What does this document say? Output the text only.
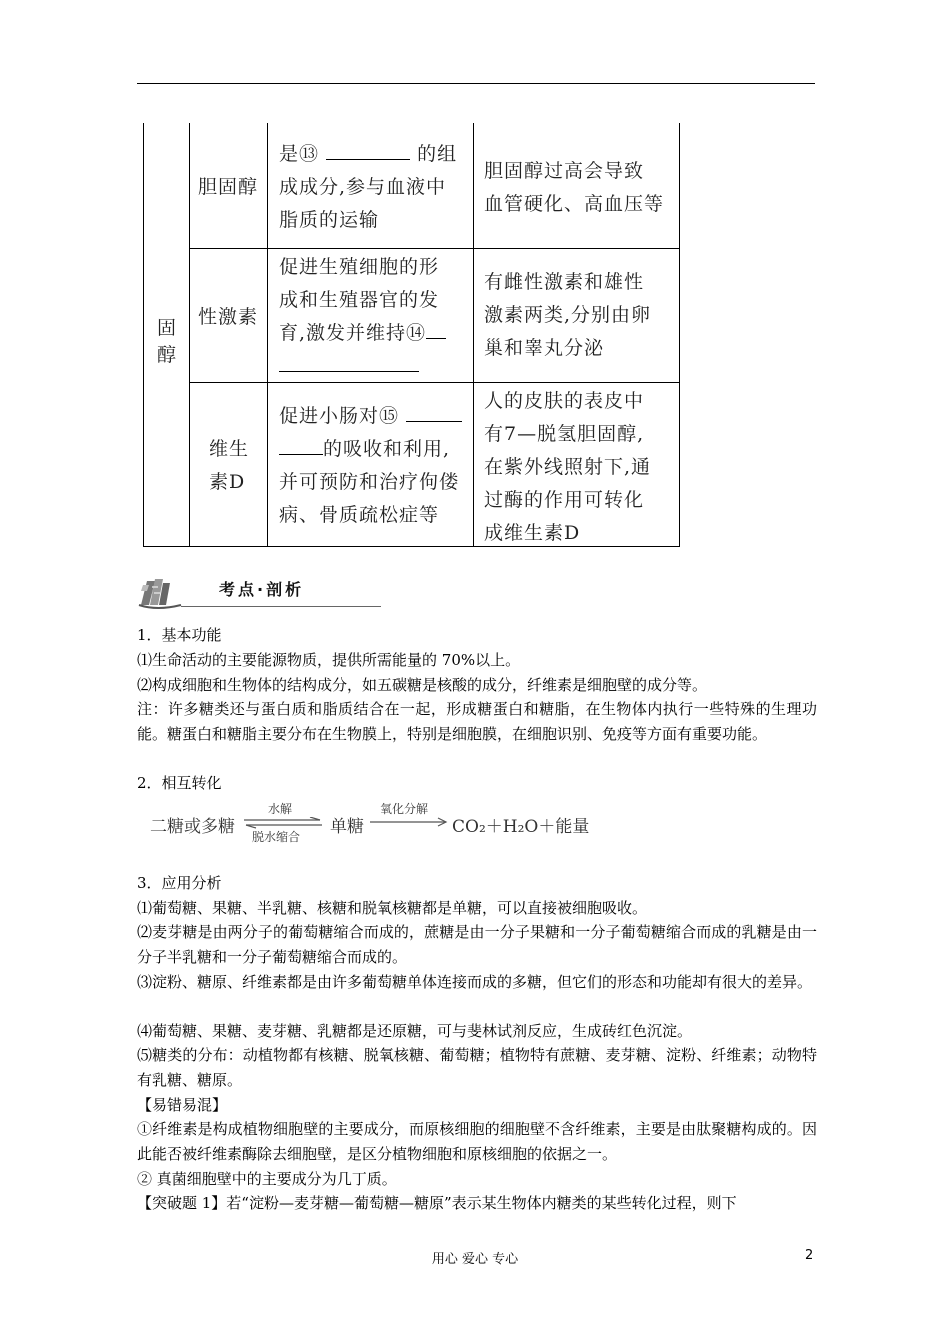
固
醇
胆固醇
是⑬	的组
成成分,参与血液中
脂质的运输
胆固醇过高会导致
血管硬化、高血压等
性激素
促进生殖细胞的形
成和生殖器官的发
育,激发并维持⑭
有雌性激素和雄性
激素两类,分别由卵
巢和睾丸分泌
维生
素D
促进小肠对⑮
的吸收和利用,
并可预防和治疗佝偻
病、骨质疏松症等
人的皮肤的表皮中
有7—脱氢胆固醇,
在紫外线照射下,通
过酶的作用可转化
成维生素D
考点·剖析
1．基本功能
⑴生命活动的主要能源物质，提供所需能量的 70%以上。
⑵构成细胞和生物体的结构成分，如五碳糖是核酸的成分，纤维素是细胞壁的成分等。
注：许多糖类还与蛋白质和脂质结合在一起，形成糖蛋白和糖脂，在生物体内执行一些特殊的生理功能。糖蛋白和糖脂主要分布在生物膜上，特别是细胞膜，在细胞识别、免疫等方面有重要功能。
2．相互转化
二糖或多糖
水解
脱水缩合 单糖
氧化分解
CO₂＋H₂O＋能量
3．应用分析
⑴葡萄糖、果糖、半乳糖、核糖和脱氧核糖都是单糖，可以直接被细胞吸收。
⑵麦芽糖是由两分子的葡萄糖缩合而成的，蔗糖是由一分子果糖和一分子葡萄糖缩合而成的乳糖是由一分子半乳糖和一分子葡萄糖缩合而成的。
⑶淀粉、糖原、纤维素都是由许多葡萄糖单体连接而成的多糖，但它们的形态和功能却有很大的差异。
⑷葡萄糖、果糖、麦芽糖、乳糖都是还原糖，可与斐林试剂反应，生成砖红色沉淀。
⑸糖类的分布：动植物都有核糖、脱氧核糖、葡萄糖；植物特有蔗糖、麦芽糖、淀粉、纤维素；动物特有乳糖、糖原。
【易错易混】
①纤维素是构成植物细胞壁的主要成分，而原核细胞的细胞壁不含纤维素，主要是由肽聚糖构成的。因此能否被纤维素酶除去细胞壁，是区分植物细胞和原核细胞的依据之一。
② 真菌细胞壁中的主要成分为几丁质。
【突破题 1】若“淀粉—麦芽糖—葡萄糖—糖原”表示某生物体内糖类的某些转化过程，则下
用心 爱心 专心	2
